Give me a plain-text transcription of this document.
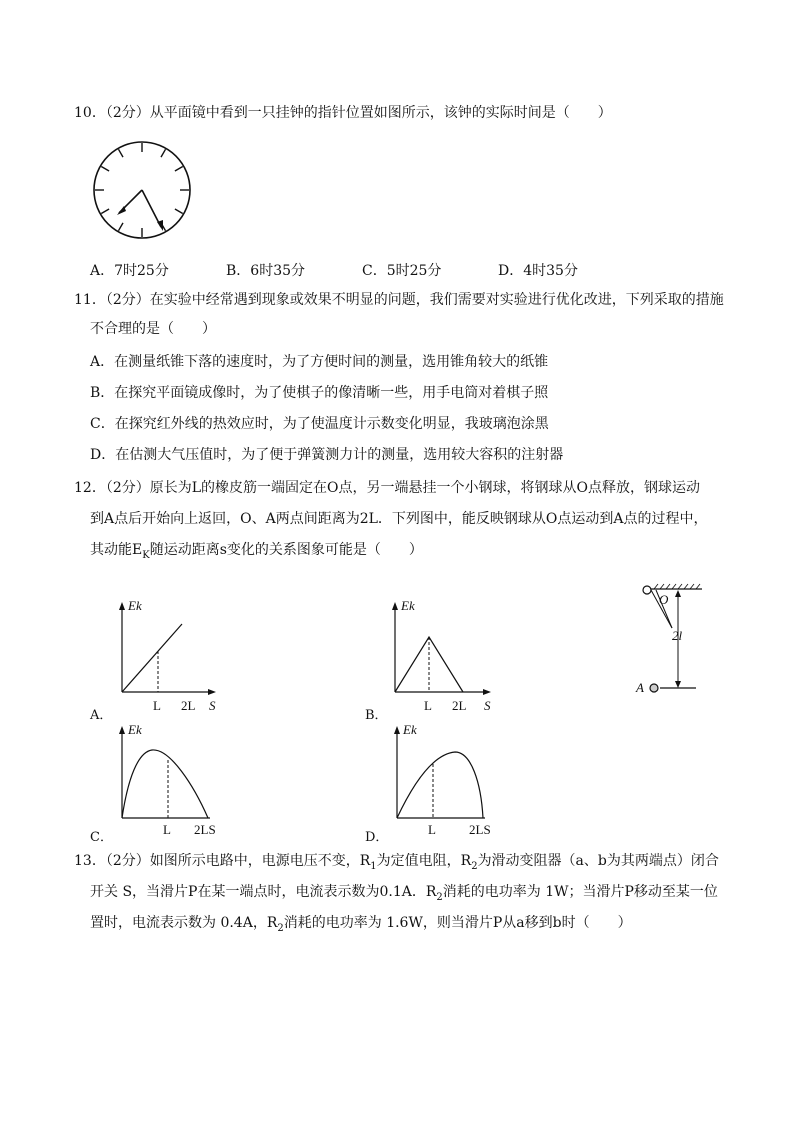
10．（2分）从平面镜中看到一只挂钟的指针位置如图所示，该钟的实际时间是（　　）
A．7时25分	B．6时35分	C．5时25分	D．4时35分
11．（2分）在实验中经常遇到现象或效果不明显的问题，我们需要对实验进行优化改进，下列采取的措施
不合理的是（　　）
A．在测量纸锥下落的速度时，为了方便时间的测量，选用锥角较大的纸锥
B．在探究平面镜成像时，为了使棋子的像清晰一些，用手电筒对着棋子照
C．在探究红外线的热效应时，为了使温度计示数变化明显，我玻璃泡涂黑
D．在估测大气压值时，为了便于弹簧测力计的测量，选用较大容积的注射器
12．（2分）原长为L的橡皮筋一端固定在O点，另一端悬挂一个小钢球，将钢球从O点释放，钢球运动
到A点后开始向上返回，O、A两点间距离为2L．下列图中，能反映钢球从O点运动到A点的过程中，
其动能$E_K$随运动距离s变化的关系图象可能是（　　）
Ek
L 2L S
A．
Ek
L 2L S
B．
O
2l
A
Ek
L 2LS
C．
Ek
L	2LS
D．
13．（2分）如图所示电路中，电源电压不变，$R_1$为定值电阻，$R_2$为滑动变阻器（a、b为其两端点）闭合
开关 S，当滑片P在某一端点时，电流表示数为0.1A．$R_2$消耗的电功率为 1W；当滑片P移动至某一位
置时，电流表示数为 0.4A，$R_2$消耗的电功率为 1.6W，则当滑片P从a移到b时（　　）
